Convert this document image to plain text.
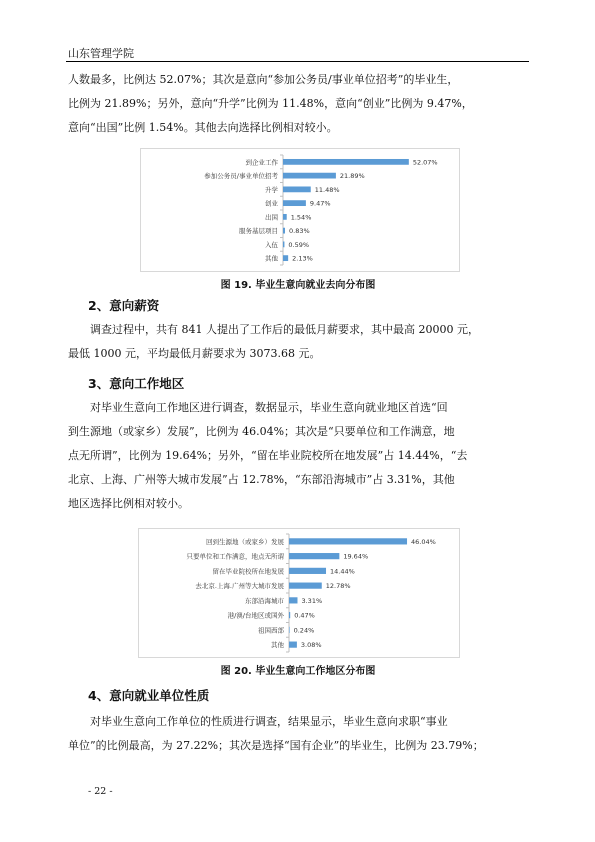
山东管理学院
人数最多，比例达 52.07%；其次是意向“参加公务员/事业单位招考”的毕业生，
比例为 21.89%；另外，意向“升学”比例为 11.48%，意向“创业”比例为 9.47%，
意向“出国”比例 1.54%。其他去向选择比例相对较小。
到企业工作	52.07%
参加公务员/事业单位招考	21.89%
升学	11.48%
创业	9.47%
出国 1.54%
服务基层项目 0.83%
入伍 0.59%
其他 2.13%
图 19. 毕业生意向就业去向分布图
2、意向薪资
调查过程中，共有 841 人提出了工作后的最低月薪要求，其中最高 20000 元，
最低 1000 元，平均最低月薪要求为 3073.68 元。
3、意向工作地区
对毕业生意向工作地区进行调查，数据显示，毕业生意向就业地区首选“回
到生源地（或家乡）发展”，比例为 46.04%；其次是“只要单位和工作满意，地
点无所谓”，比例为 19.64%；另外，“留在毕业院校所在地发展”占 14.44%，“去
北京、上海、广州等大城市发展”占 12.78%，“东部沿海城市”占 3.31%，其他
地区选择比例相对较小。
回到生源地（或家乡）发展	46.04%
只要单位和工作满意，地点无所谓	19.64%
留在毕业院校所在地发展	14.44%
去北京.上海.广州等大城市发展	12.78%
东部沿海城市	3.31%
港/澳/台地区或国外 0.47%
祖国西部 0.24%
其他	3.08%
图 20. 毕业生意向工作地区分布图
4、意向就业单位性质
对毕业生意向工作单位的性质进行调查，结果显示，毕业生意向求职“事业
单位”的比例最高，为 27.22%；其次是选择“国有企业”的毕业生，比例为 23.79%；
- 22 -
